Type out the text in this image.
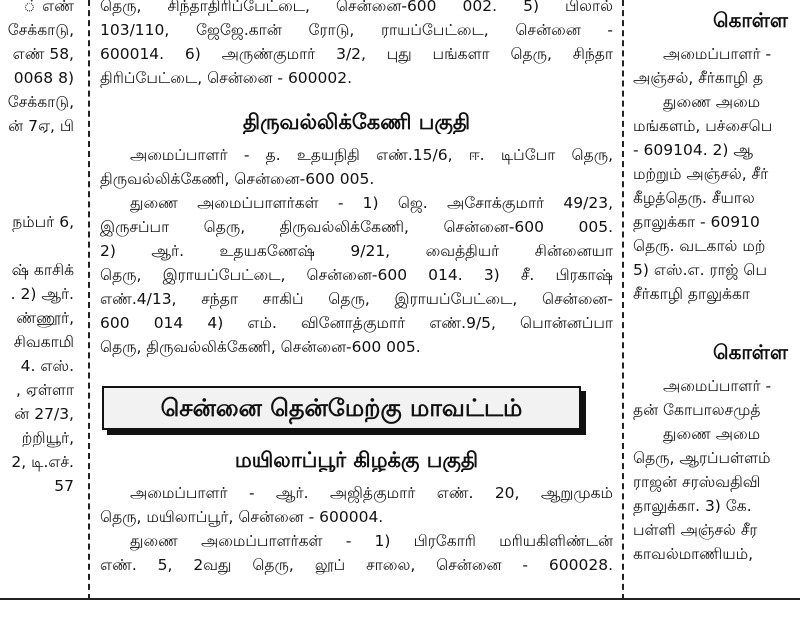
் எண்
சேக்காடு,
எண் 58,
0068 8)
சேக்காடு,
ன் 7ஏ, பி
நம்பர் 6,
ஷ் காசிக்
. 2) ஆர்.
ண்ணூர்,
சிவகாமி
4. எஸ்.
, ஏள்ளா
ன் 27/3,
ற்றியூர்,
2, டி.எச்.
57
தெரு, சிந்தாதிரிப்பேட்டை, சென்னை-600 002. 5) பிலால்
103/110, ஜேஜே.கான் ரோடு, ராயப்பேட்டை, சென்னை -
600014. 6) அருண்குமார் 3/2, புது பங்களா தெரு, சிந்தா
திரிப்பேட்டை, சென்னை - 600002.
திருவல்லிக்கேணி பகுதி
அமைப்பாளர் - த. உதயநிதி எண்.15/6, ஈ. டிப்போ தெரு,
திருவல்லிக்கேணி, சென்னை-600 005.
துணை அமைப்பாளர்கள் - 1) ஜெ. அசோக்குமார் 49/23,
இருசப்பா தெரு, திருவல்லிக்கேணி, சென்னை-600 005.
2) ஆர். உதயகணேஷ் 9/21, வைத்தியர் சின்னையா
தெரு, இராயப்பேட்டை, சென்னை-600 014. 3) சீ. பிரகாஷ்
எண்.4/13, சந்தா சாகிப் தெரு, இராயப்பேட்டை, சென்னை-
600 014 4) எம். வினோத்குமார் எண்.9/5, பொன்னப்பா
தெரு, திருவல்லிக்கேணி, சென்னை-600 005.
சென்னை தென்மேற்கு மாவட்டம்
மயிலாப்பூர் கிழக்கு பகுதி
அமைப்பாளர் - ஆர். அஜித்குமார் எண். 20, ஆறுமுகம்
தெரு, மயிலாப்பூர், சென்னை - 600004.
துணை அமைப்பாளர்கள் - 1) பிரகோரி மரியகிளிண்டன்
எண். 5, 2வது தெரு, லூப் சாலை, சென்னை - 600028.
கொள்ள
அமைப்பாளர் -
அஞ்சல், சீர்காழி த
துணை அமை
மங்களம், பச்சைபெ
- 609104. 2) ஆ
மற்றும் அஞ்சல், சீர்
கீழத்தெரு. சீயால
தாலுக்கா - 60910
தெரு. வடகால் மற்
5) எஸ்.எ. ராஜ் பெ
சீர்காழி தாலுக்கா
கொள்ள
அமைப்பாளர் -
தன் கோபாலசமுத்
துணை அமை
தெரு, ஆரப்பள்ளம்
ராஜன் சரஸ்வதிவி
தாலுக்கா. 3) கே.
பள்ளி அஞ்சல் சீர
காவல்மாணியம்,
